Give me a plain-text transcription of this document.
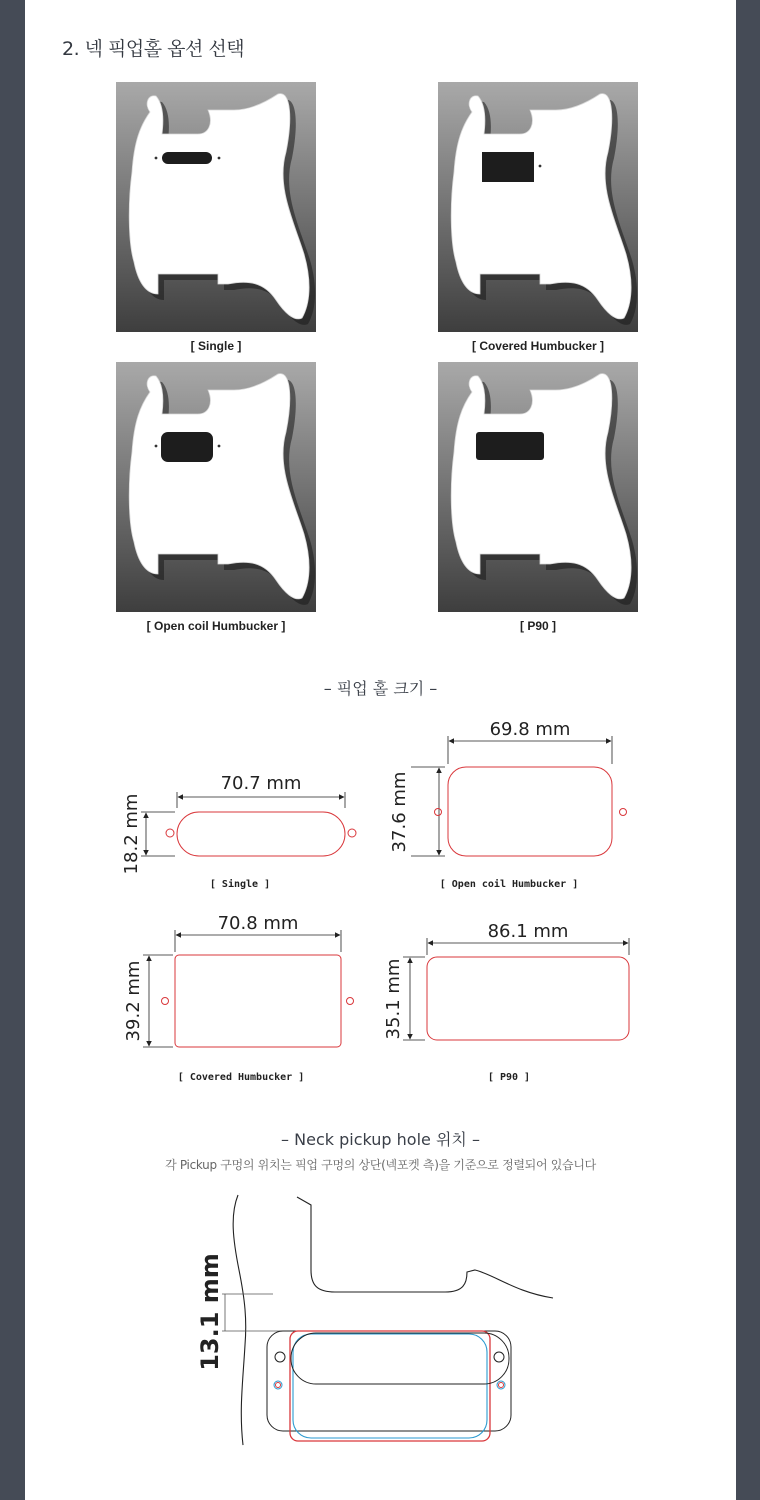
2. 넥 픽업홀 옵션 선택
[ Single ]	[ Covered Humbucker ]
[ Open coil Humbucker ]	[ P90 ]
– 픽업 홀 크기 –
70.7 mm
18.2 mm
[ Single ]
69.8 mm
37.6 mm
[ Open coil Humbucker ]
70.8 mm
39.2 mm
[ Covered Humbucker ]
86.1 mm
35.1 mm
[ P90 ]
– Neck pickup hole 위치 –
각 Pickup 구멍의 위치는 픽업 구멍의 상단(넥포켓 측)을 기준으로 정렬되어 있습니다
13.1 mm
